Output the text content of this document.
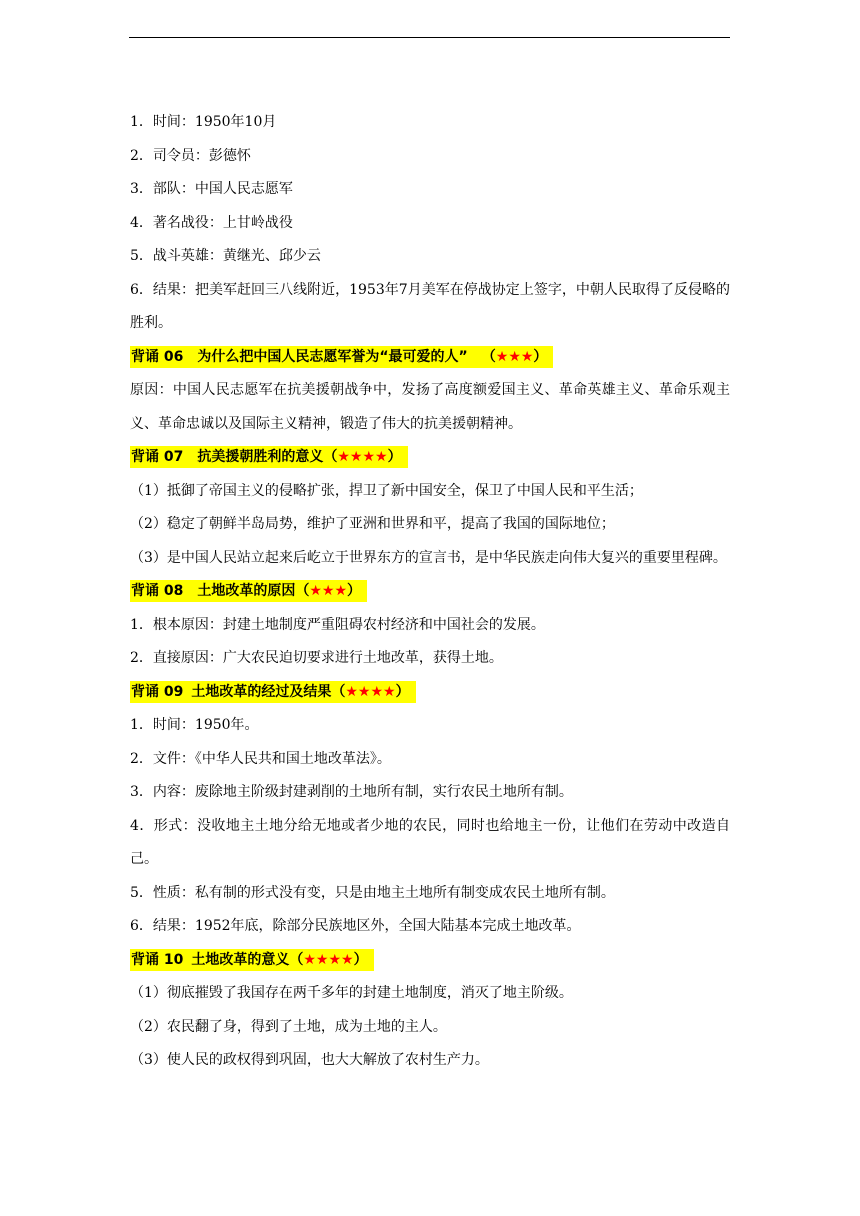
1．时间：1950年10月
2．司令员：彭德怀
3．部队：中国人民志愿军
4．著名战役：上甘岭战役
5．战斗英雄：黄继光、邱少云
6．结果：把美军赶回三八线附近，1953年7月美军在停战协定上签字，中朝人民取得了反侵略的胜利。
背诵 06 为什么把中国人民志愿军誉为“最可爱的人” （★★★）
原因：中国人民志愿军在抗美援朝战争中，发扬了高度额爱国主义、革命英雄主义、革命乐观主义、革命忠诚以及国际主义精神，锻造了伟大的抗美援朝精神。
背诵 07 抗美援朝胜利的意义（★★★★）
（1）抵御了帝国主义的侵略扩张，捍卫了新中国安全，保卫了中国人民和平生活；
（2）稳定了朝鲜半岛局势，维护了亚洲和世界和平，提高了我国的国际地位；
（3）是中国人民站立起来后屹立于世界东方的宣言书，是中华民族走向伟大复兴的重要里程碑。
背诵 08 土地改革的原因（★★★）
1．根本原因：封建土地制度严重阻碍农村经济和中国社会的发展。
2．直接原因：广大农民迫切要求进行土地改革，获得土地。
背诵 09 土地改革的经过及结果（★★★★）
1．时间：1950年。
2．文件：《中华人民共和国土地改革法》。
3．内容：废除地主阶级封建剥削的土地所有制，实行农民土地所有制。
4．形式：没收地主土地分给无地或者少地的农民，同时也给地主一份，让他们在劳动中改造自己。
5．性质：私有制的形式没有变，只是由地主土地所有制变成农民土地所有制。
6．结果：1952年底，除部分民族地区外，全国大陆基本完成土地改革。
背诵 10 土地改革的意义（★★★★）
（1）彻底摧毁了我国存在两千多年的封建土地制度，消灭了地主阶级。
（2）农民翻了身，得到了土地，成为土地的主人。
（3）使人民的政权得到巩固，也大大解放了农村生产力。
